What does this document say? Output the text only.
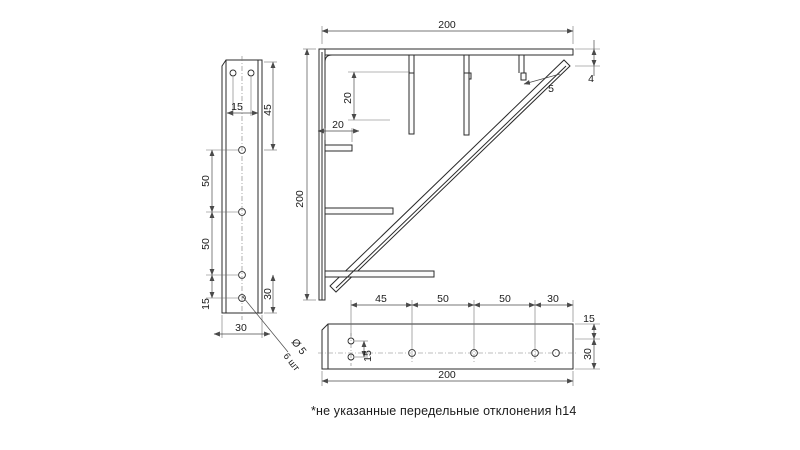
15 45
50
50
15
30
30
Ø 5
6 шт
200
200
20
20
4
5
45	50	50	30
15
30
15
200
*не указанные передельные отклонения h14
